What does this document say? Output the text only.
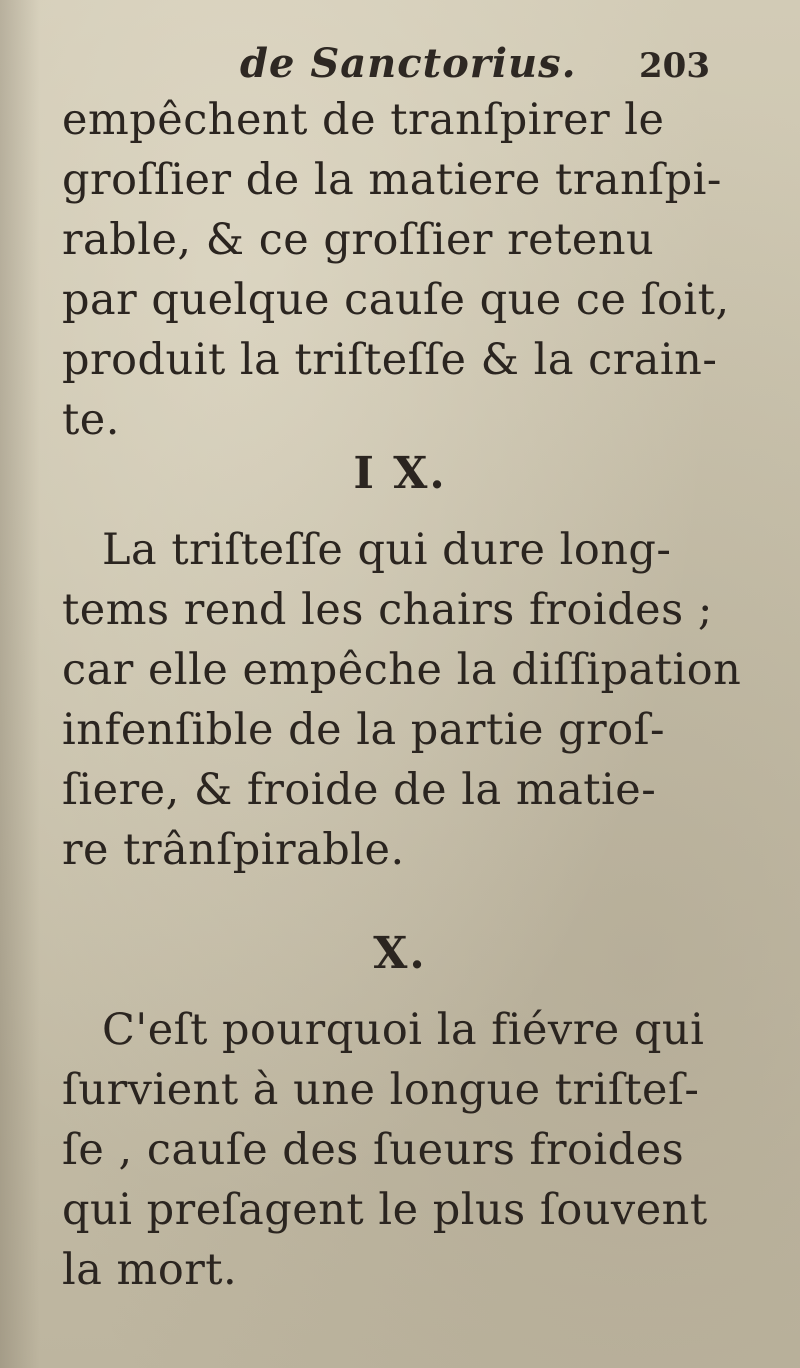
de Sanctorius. 203
empêchent de tranſpirer le
groſſier de la matiere tranſpi-
rable, & ce groſſier retenu
par quelque cauſe que ce ſoit,
produit la triſteſſe & la crain-
te.
I X.
La triſteſſe qui dure long-
tems rend les chairs froides ;
car elle empêche la diſſipation
infenſible de la partie groſ-
ſiere, & froide de la matie-
re trânſpirable.
X.
C'eſt pourquoi la fiévre qui
ſurvient à une longue triſteſ-
ſe , cauſe des ſueurs froides
qui preſagent le plus ſouvent
la mort.
